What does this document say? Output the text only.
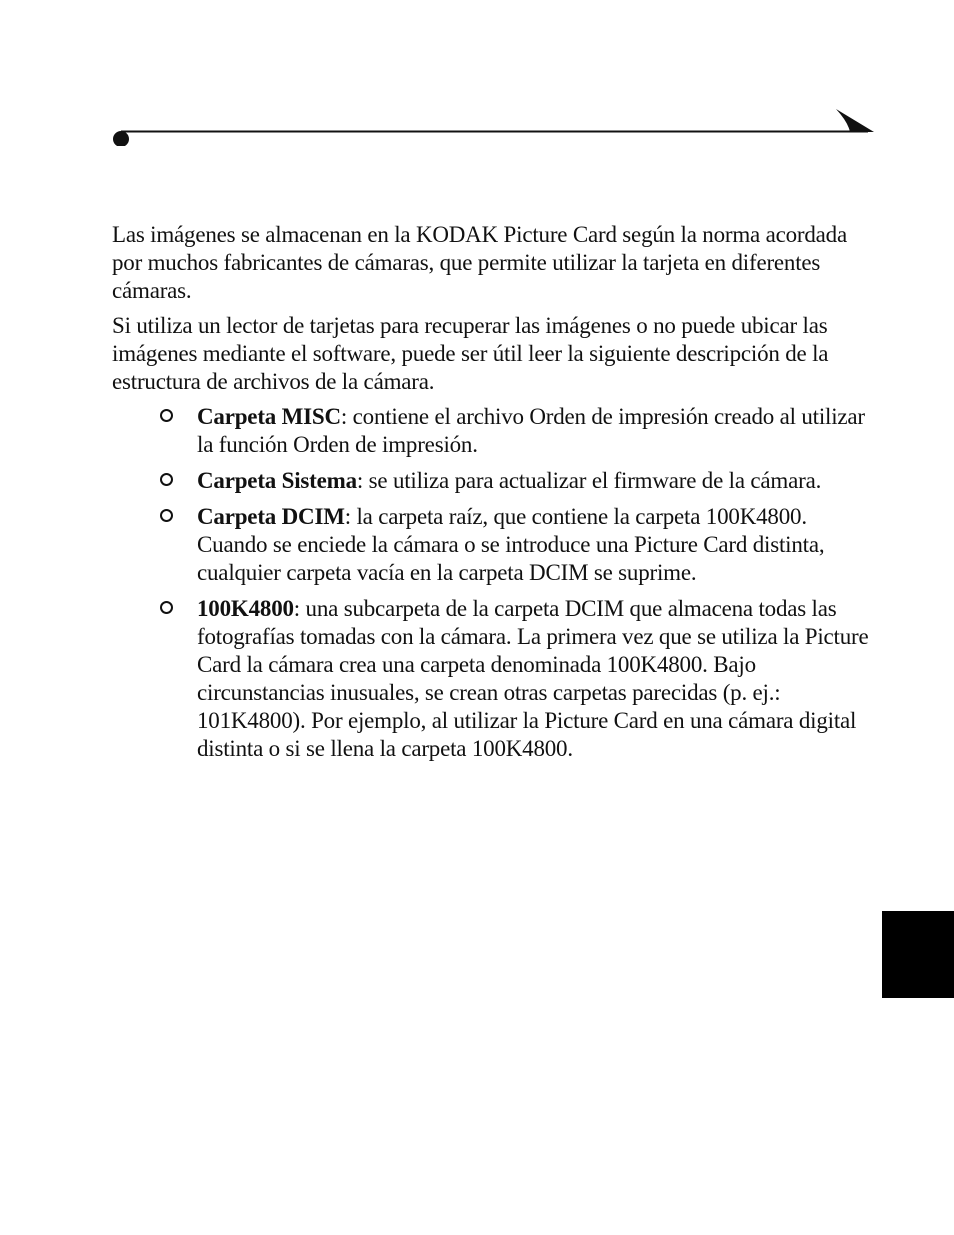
Las imágenes se almacenan en la KODAK Picture Card según la norma acordada por muchos fabricantes de cámaras, que permite utilizar la tarjeta en diferentes cámaras.

Si utiliza un lector de tarjetas para recuperar las imágenes o no puede ubicar las imágenes mediante el software, puede ser útil leer la siguiente descripción de la estructura de archivos de la cámara.

Carpeta MISC: contiene el archivo Orden de impresión creado al utilizar la función Orden de impresión.
Carpeta Sistema: se utiliza para actualizar el firmware de la cámara.
Carpeta DCIM: la carpeta raíz, que contiene la carpeta 100K4800. Cuando se enciede la cámara o se introduce una Picture Card distinta, cualquier carpeta vacía en la carpeta DCIM se suprime.
100K4800: una subcarpeta de la carpeta DCIM que almacena todas las fotografías tomadas con la cámara. La primera vez que se utiliza la Picture Card la cámara crea una carpeta denominada 100K4800. Bajo circunstancias inusuales, se crean otras carpetas parecidas (p. ej.: 101K4800). Por ejemplo, al utilizar la Picture Card en una cámara digital distinta o si se llena la carpeta 100K4800.
